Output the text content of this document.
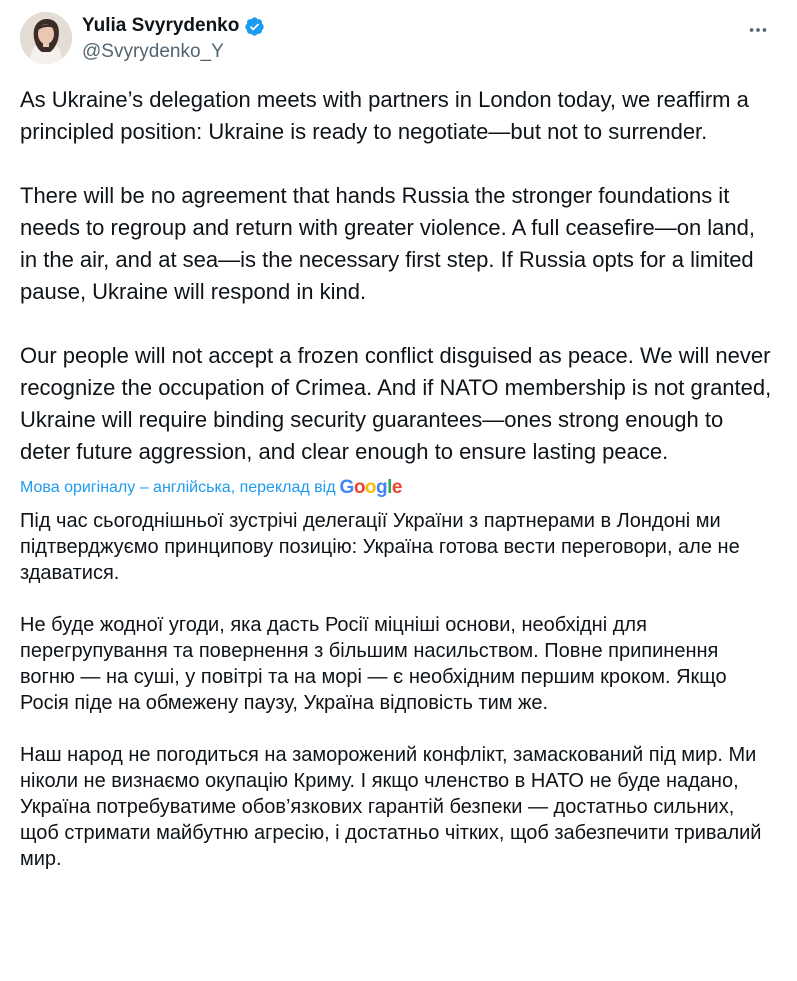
Yulia Svyrydenko
@Svyrydenko_Y

As Ukraine’s delegation meets with partners in London today, we reaffirm a principled position: Ukraine is ready to negotiate—but not to surrender.

There will be no agreement that hands Russia the stronger foundations it needs to regroup and return with greater violence. A full ceasefire—on land, in the air, and at sea—is the necessary first step. If Russia opts for a limited pause, Ukraine will respond in kind.

Our people will not accept a frozen conflict disguised as peace. We will never recognize the occupation of Crimea. And if NATO membership is not granted, Ukraine will require binding security guarantees—ones strong enough to deter future aggression, and clear enough to ensure lasting peace.

Мова оригіналу – англійська, переклад від Google

Під час сьогоднішньої зустрічі делегації України з партнерами в Лондоні ми підтверджуємо принципову позицію: Україна готова вести переговори, але не здаватися.

Не буде жодної угоди, яка дасть Росії міцніші основи, необхідні для перегрупування та повернення з більшим насильством. Повне припинення вогню — на суші, у повітрі та на морі — є необхідним першим кроком. Якщо Росія піде на обмежену паузу, Україна відповість тим же.

Наш народ не погодиться на заморожений конфлікт, замаскований під мир. Ми ніколи не визнаємо окупацію Криму. І якщо членство в НАТО не буде надано, Україна потребуватиме обов’язкових гарантій безпеки — достатньо сильних, щоб стримати майбутню агресію, і достатньо чітких, щоб забезпечити тривалий мир.
